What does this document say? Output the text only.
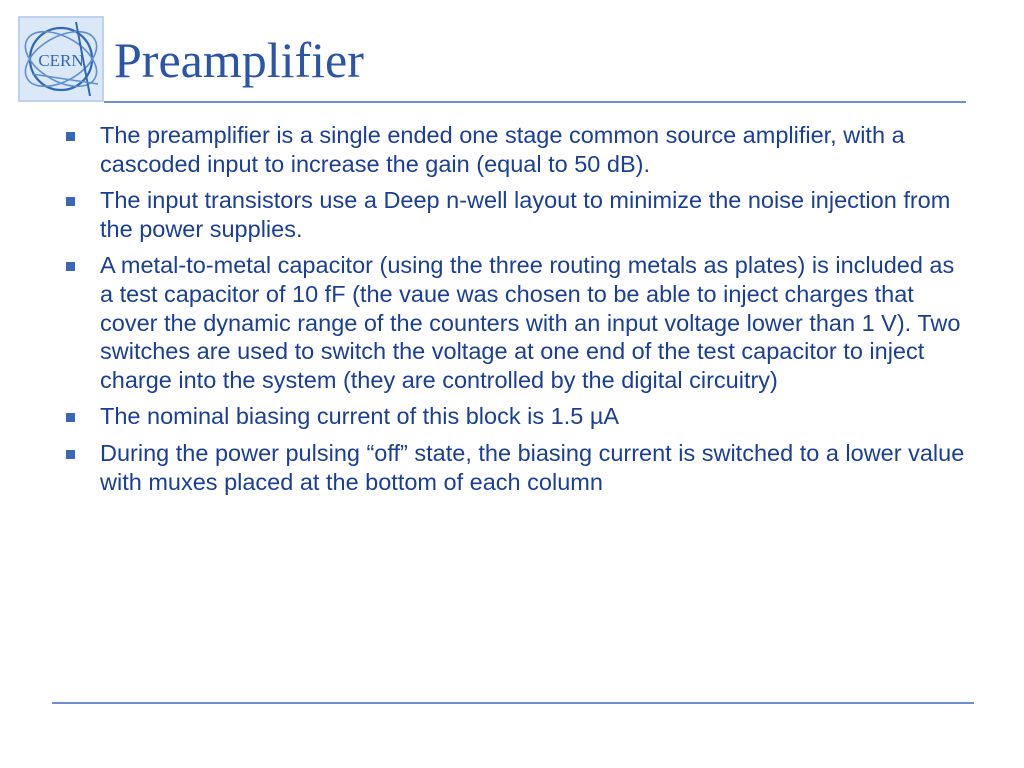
CERN Preamplifier
The preamplifier is a single ended one stage common source amplifier, with a cascoded input to increase the gain (equal to 50 dB).
The input transistors use a Deep n-well layout to minimize the noise injection from the power supplies.
A metal-to-metal capacitor (using the three routing metals as plates) is included as a test capacitor of 10 fF (the vaue was chosen to be able to inject charges that cover the dynamic range of the counters with an input voltage lower than 1 V). Two switches are used to switch the voltage at one end of the test capacitor to inject charge into the system (they are controlled by the digital circuitry)
The nominal biasing current of this block is 1.5 µA
During the power pulsing “off” state, the biasing current is switched to a lower value with muxes placed at the bottom of each column
